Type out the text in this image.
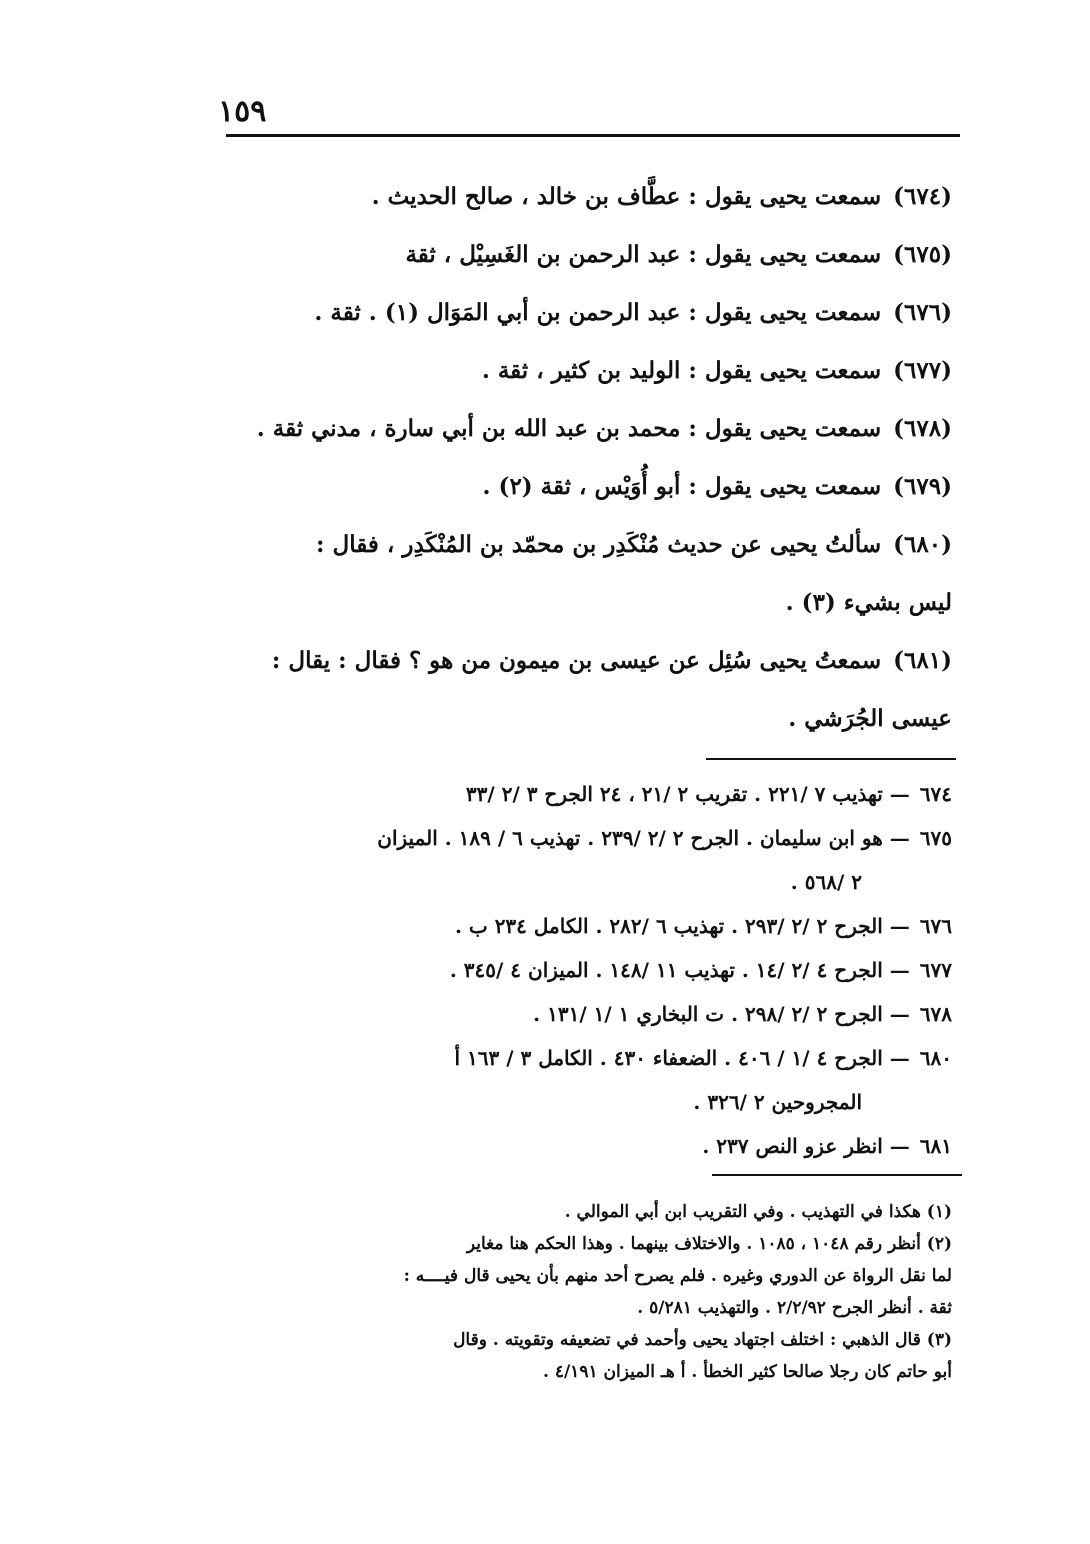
١٥٩

(٦٧٤)سمعت يحيى يقول : عطَّاف بن خالد ، صالح الحديث .

(٦٧٥)سمعت يحيى يقول : عبد الرحمن بن الغَسِيْل ، ثقة

(٦٧٦)سمعت يحيى يقول : عبد الرحمن بن أبي المَوَال (١) . ثقة .

(٦٧٧)سمعت يحيى يقول : الوليد بن كثير ، ثقة .

(٦٧٨)سمعت يحيى يقول : محمد بن عبد الله بن أبي سارة ، مدني ثقة .

(٦٧٩)سمعت يحيى يقول : أبو أُوَيْس ، ثقة (٢) .

(٦٨٠)سألتُ يحيى عن حديث مُنْكَدِر بن محمّد بن المُنْكَدِر ، فقال :

ليس بشيء (٣) .

(٦٨١)سمعتُ يحيى سُئِل عن عيسى بن ميمون من هو ؟ فقال : يقال :

عيسى الجُرَشي .

٦٧٤— تهذيب ٧ /٢٢١ . تقريب ٢ /٢١ ، ٢٤ الجرح ٣ /٢ /٣٣

٦٧٥— هو ابن سليمان . الجرح ٢ /٢ /٢٣٩ . تهذيب ٦ / ١٨٩ . الميزان

٢ /٥٦٨ .

٦٧٦— الجرح ٢ /٢ /٢٩٣ . تهذيب ٦ /٢٨٢ . الكامل ٢٣٤ ب .

٦٧٧— الجرح ٤ /٢ /١٤ . تهذيب ١١ /١٤٨ . الميزان ٤ /٣٤٥ .

٦٧٨— الجرح ٢ /٢ /٢٩٨ . ت البخاري ١ /١ /١٣١ .

٦٨٠— الجرح ٤ /١ / ٤٠٦ . الضعفاء ٤٣٠ . الكامل ٣ / ١٦٣ أ

المجروحين ٢ /٣٢٦ .

٦٨١— انظر عزو النص ٢٣٧ .

(١) هكذا في التهذيب . وفي التقريب ابن أبي الموالي .

(٢) أنظر رقم ١٠٤٨ ، ١٠٨٥ . والاختلاف بينهما . وهذا الحكم هنا مغاير

لما نقل الرواة عن الدوري وغيره . فلم يصرح أحد منهم بأن يحيى قال فيــــه :

ثقة . أنظر الجرح ٢/٢/٩٢ . والتهذيب ٥/٢٨١ .

(٣) قال الذهبي : اختلف اجتهاد يحيى وأحمد في تضعيفه وتقويته . وقال

أبو حاتم كان رجلا صالحا كثير الخطأ . أ هـ الميزان ٤/١٩١ .
